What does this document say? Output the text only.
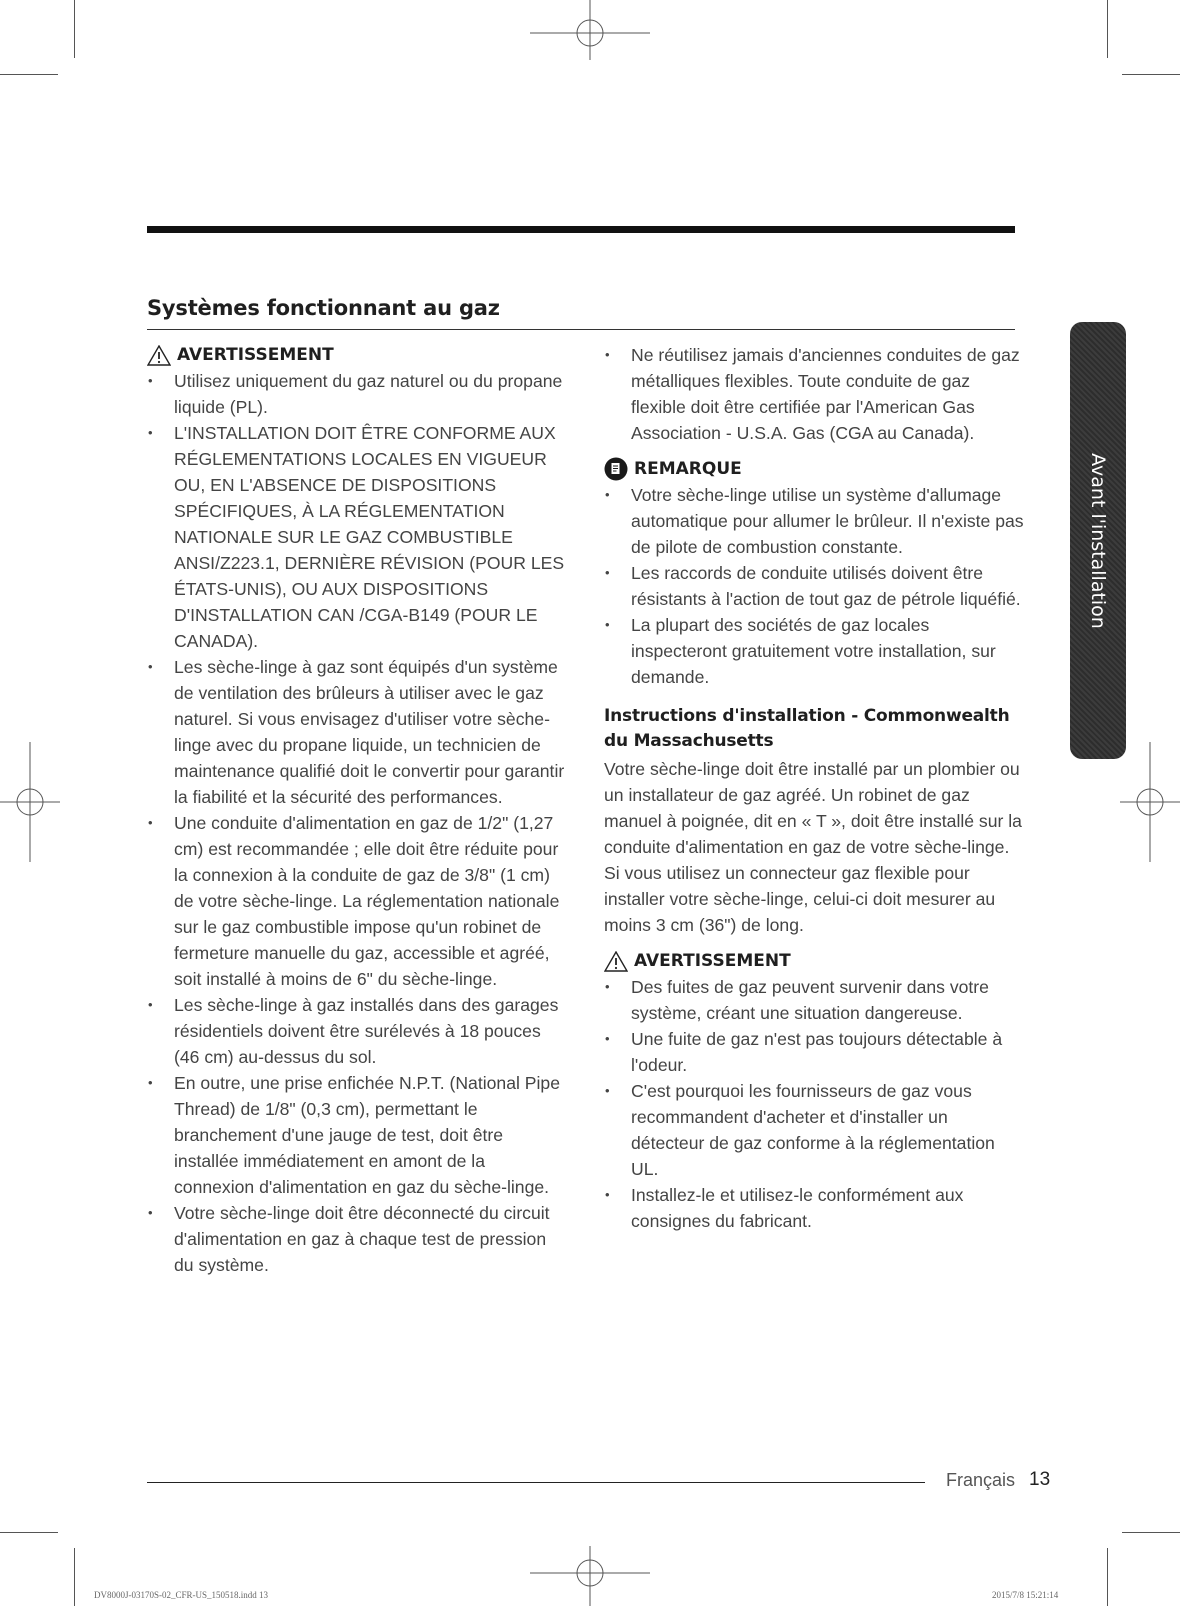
Systèmes fonctionnant au gaz
AVERTISSEMENT
• Utilisez uniquement du gaz naturel ou du propane liquide (PL).
• L'INSTALLATION DOIT ÊTRE CONFORME AUX RÉGLEMENTATIONS LOCALES EN VIGUEUR OU, EN L'ABSENCE DE DISPOSITIONS SPÉCIFIQUES, À LA RÉGLEMENTATION NATIONALE SUR LE GAZ COMBUSTIBLE ANSI/Z223.1, DERNIÈRE RÉVISION (POUR LES ÉTATS-UNIS), OU AUX DISPOSITIONS D'INSTALLATION CAN /CGA-B149 (POUR LE CANADA).
• Les sèche-linge à gaz sont équipés d'un système de ventilation des brûleurs à utiliser avec le gaz naturel. Si vous envisagez d'utiliser votre sèche-linge avec du propane liquide, un technicien de maintenance qualifié doit le convertir pour garantir la fiabilité et la sécurité des performances.
• Une conduite d'alimentation en gaz de 1/2" (1,27 cm) est recommandée ; elle doit être réduite pour la connexion à la conduite de gaz de 3/8" (1 cm) de votre sèche-linge. La réglementation nationale sur le gaz combustible impose qu'un robinet de fermeture manuelle du gaz, accessible et agréé, soit installé à moins de 6" du sèche-linge.
• Les sèche-linge à gaz installés dans des garages résidentiels doivent être surélevés à 18 pouces (46 cm) au-dessus du sol.
• En outre, une prise enfichée N.P.T. (National Pipe Thread) de 1/8" (0,3 cm), permettant le branchement d'une jauge de test, doit être installée immédiatement en amont de la connexion d'alimentation en gaz du sèche-linge.
• Votre sèche-linge doit être déconnecté du circuit d'alimentation en gaz à chaque test de pression du système.
• Ne réutilisez jamais d'anciennes conduites de gaz métalliques flexibles. Toute conduite de gaz flexible doit être certifiée par l'American Gas Association - U.S.A. Gas (CGA au Canada).
REMARQUE
• Votre sèche-linge utilise un système d'allumage automatique pour allumer le brûleur. Il n'existe pas de pilote de combustion constante.
• Les raccords de conduite utilisés doivent être résistants à l'action de tout gaz de pétrole liquéfié.
• La plupart des sociétés de gaz locales inspecteront gratuitement votre installation, sur demande.
Instructions d'installation - Commonwealth du Massachusetts

Votre sèche-linge doit être installé par un plombier ou un installateur de gaz agréé. Un robinet de gaz manuel à poignée, dit en « T », doit être installé sur la conduite d'alimentation en gaz de votre sèche-linge. Si vous utilisez un connecteur gaz flexible pour installer votre sèche-linge, celui-ci doit mesurer au moins 3 cm (36") de long.

AVERTISSEMENT
• Des fuites de gaz peuvent survenir dans votre système, créant une situation dangereuse.
• Une fuite de gaz n'est pas toujours détectable à l'odeur.
• C'est pourquoi les fournisseurs de gaz vous recommandent d'acheter et d'installer un détecteur de gaz conforme à la réglementation UL.
• Installez-le et utilisez-le conformément aux consignes du fabricant.
Avant l'installation
Français 13
DV8000J-03170S-02_CFR-US_150518.indd 13	2015/7/8 15:21:14
